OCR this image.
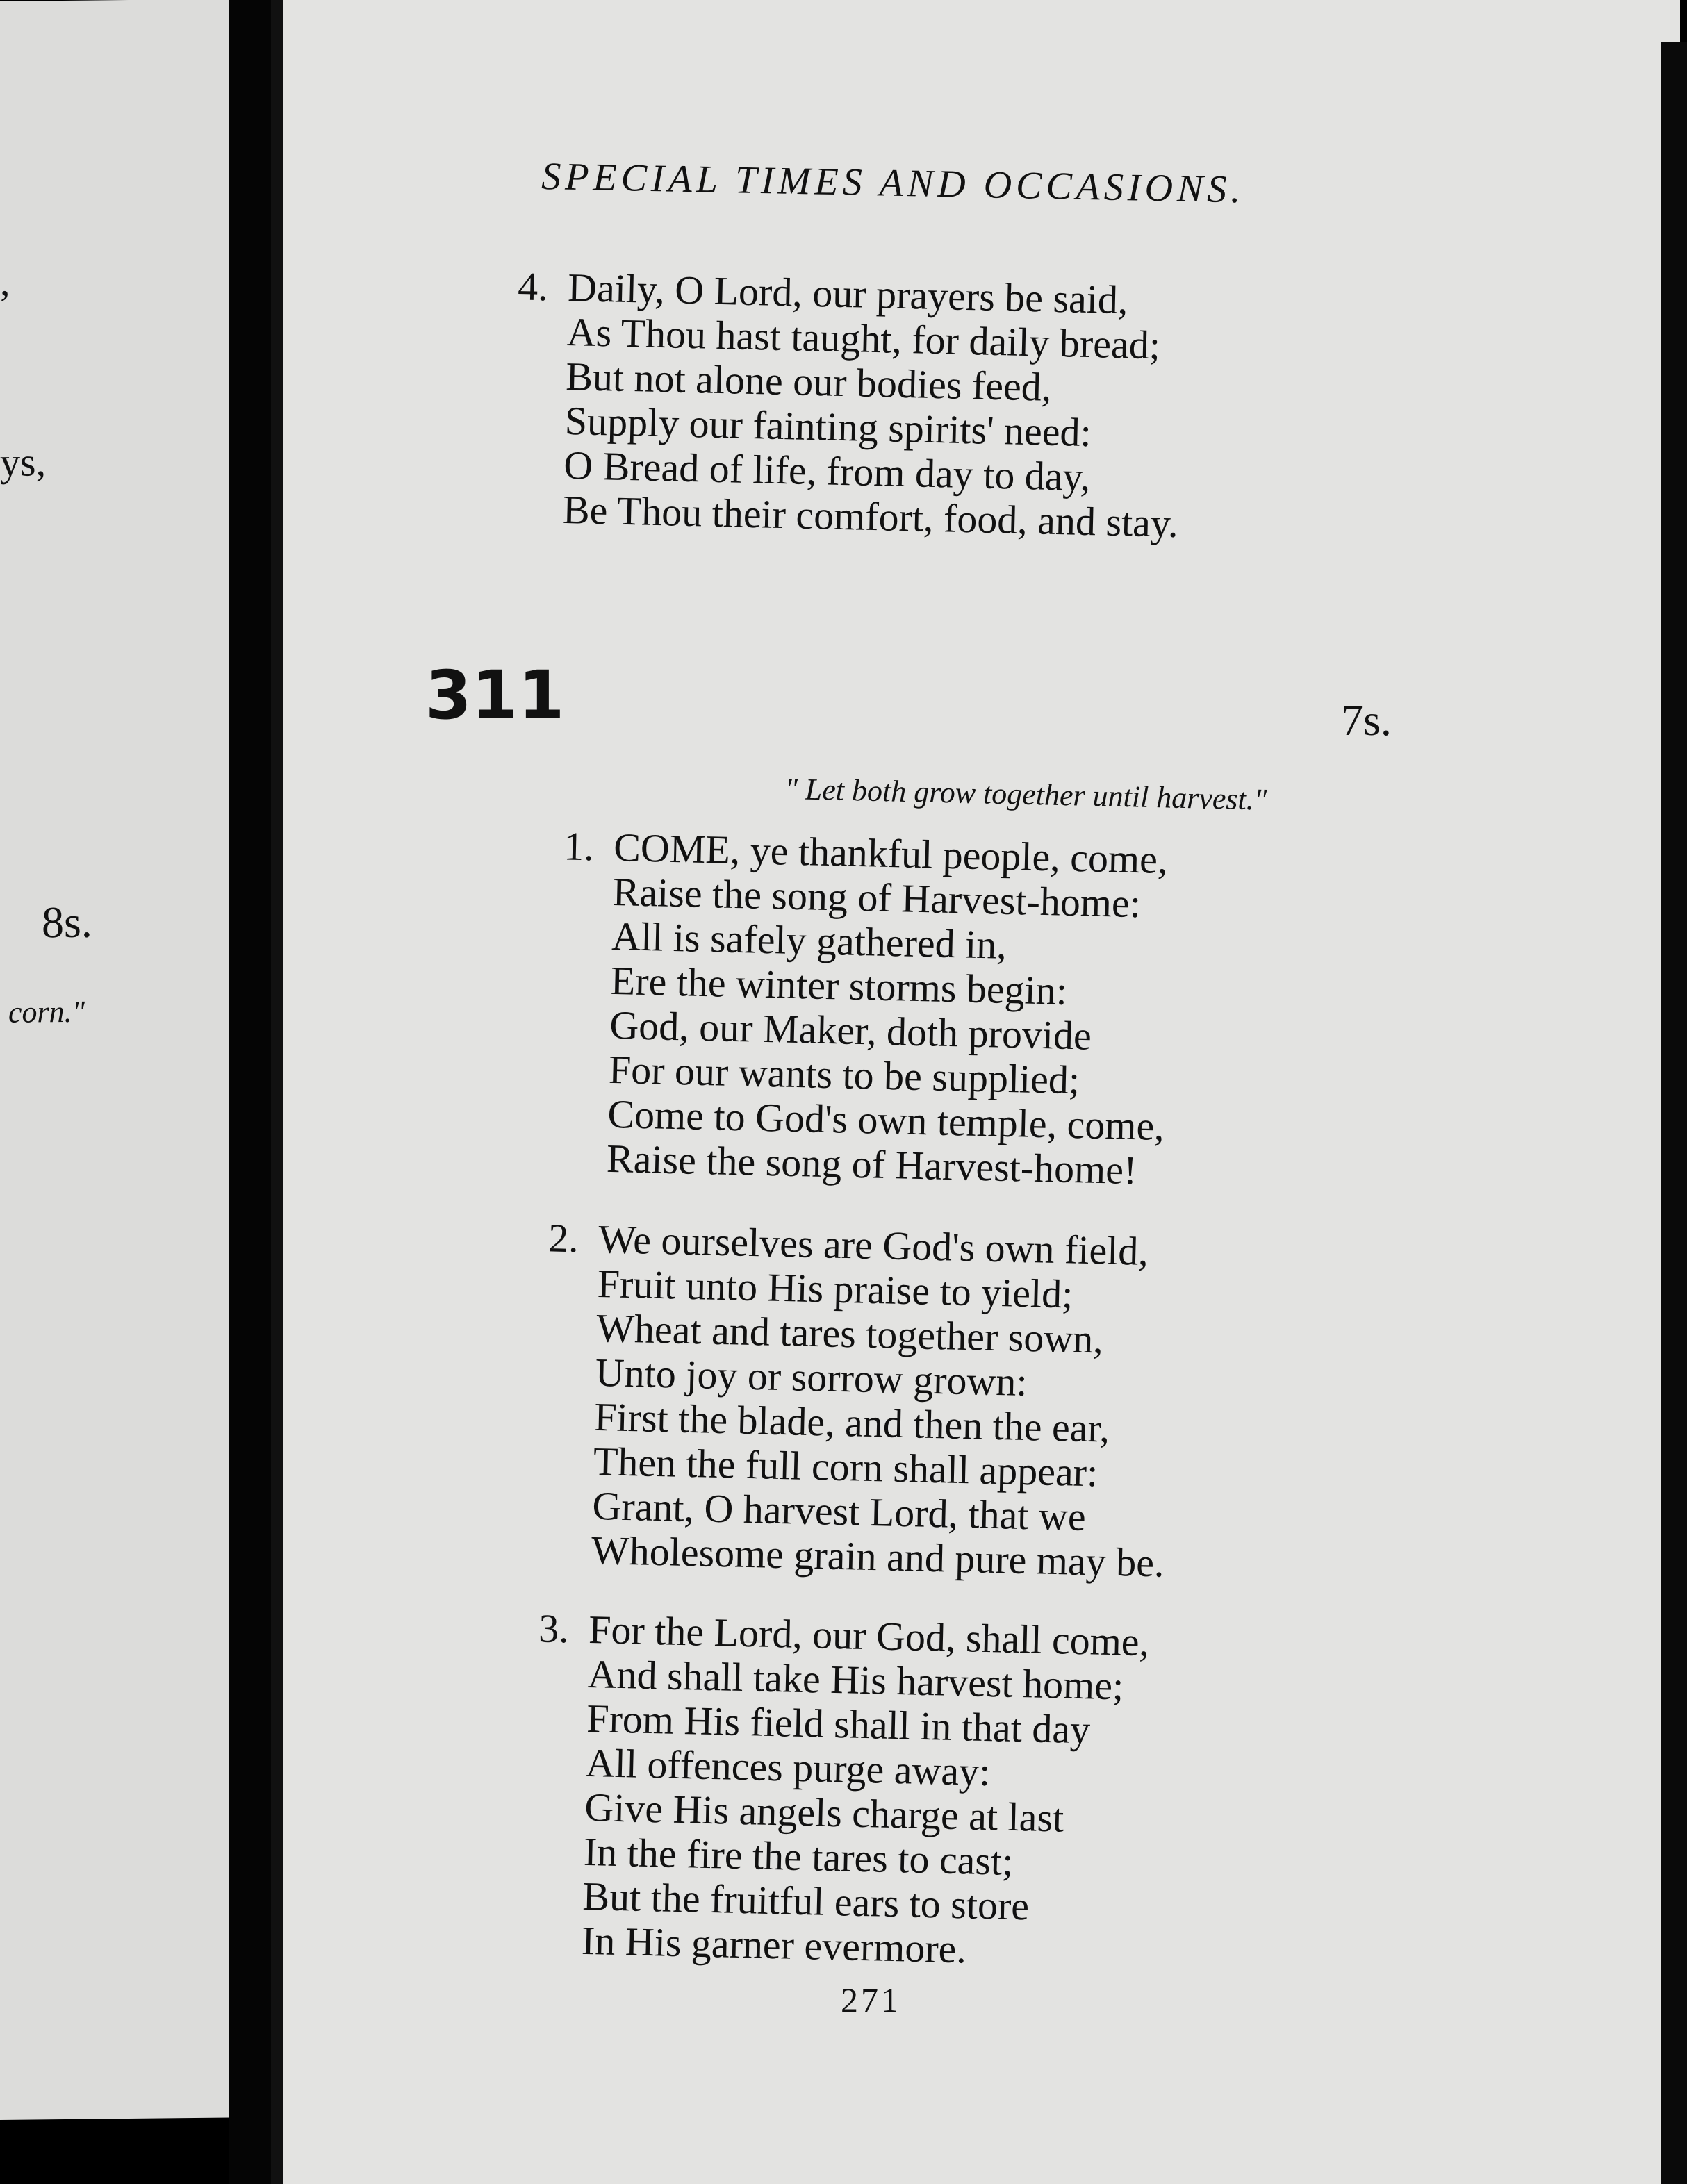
,
ys,
8s.
corn."
SPECIAL TIMES AND OCCASIONS.
4. Daily, O Lord, our prayers be said,
As Thou hast taught, for daily bread;
But not alone our bodies feed,
Supply our fainting spirits' need:
O Bread of life, from day to day,
Be Thou their comfort, food, and stay.
311	7s.
" Let both grow together until harvest."
1. COME, ye thankful people, come,
Raise the song of Harvest-home:
All is safely gathered in,
Ere the winter storms begin:
God, our Maker, doth provide
For our wants to be supplied;
Come to God's own temple, come,
Raise the song of Harvest-home!
2. We ourselves are God's own field,
Fruit unto His praise to yield;
Wheat and tares together sown,
Unto joy or sorrow grown:
First the blade, and then the ear,
Then the full corn shall appear:
Grant, O harvest Lord, that we
Wholesome grain and pure may be.
3. For the Lord, our God, shall come,
And shall take His harvest home;
From His field shall in that day
All offences purge away:
Give His angels charge at last
In the fire the tares to cast;
But the fruitful ears to store
In His garner evermore.
271
